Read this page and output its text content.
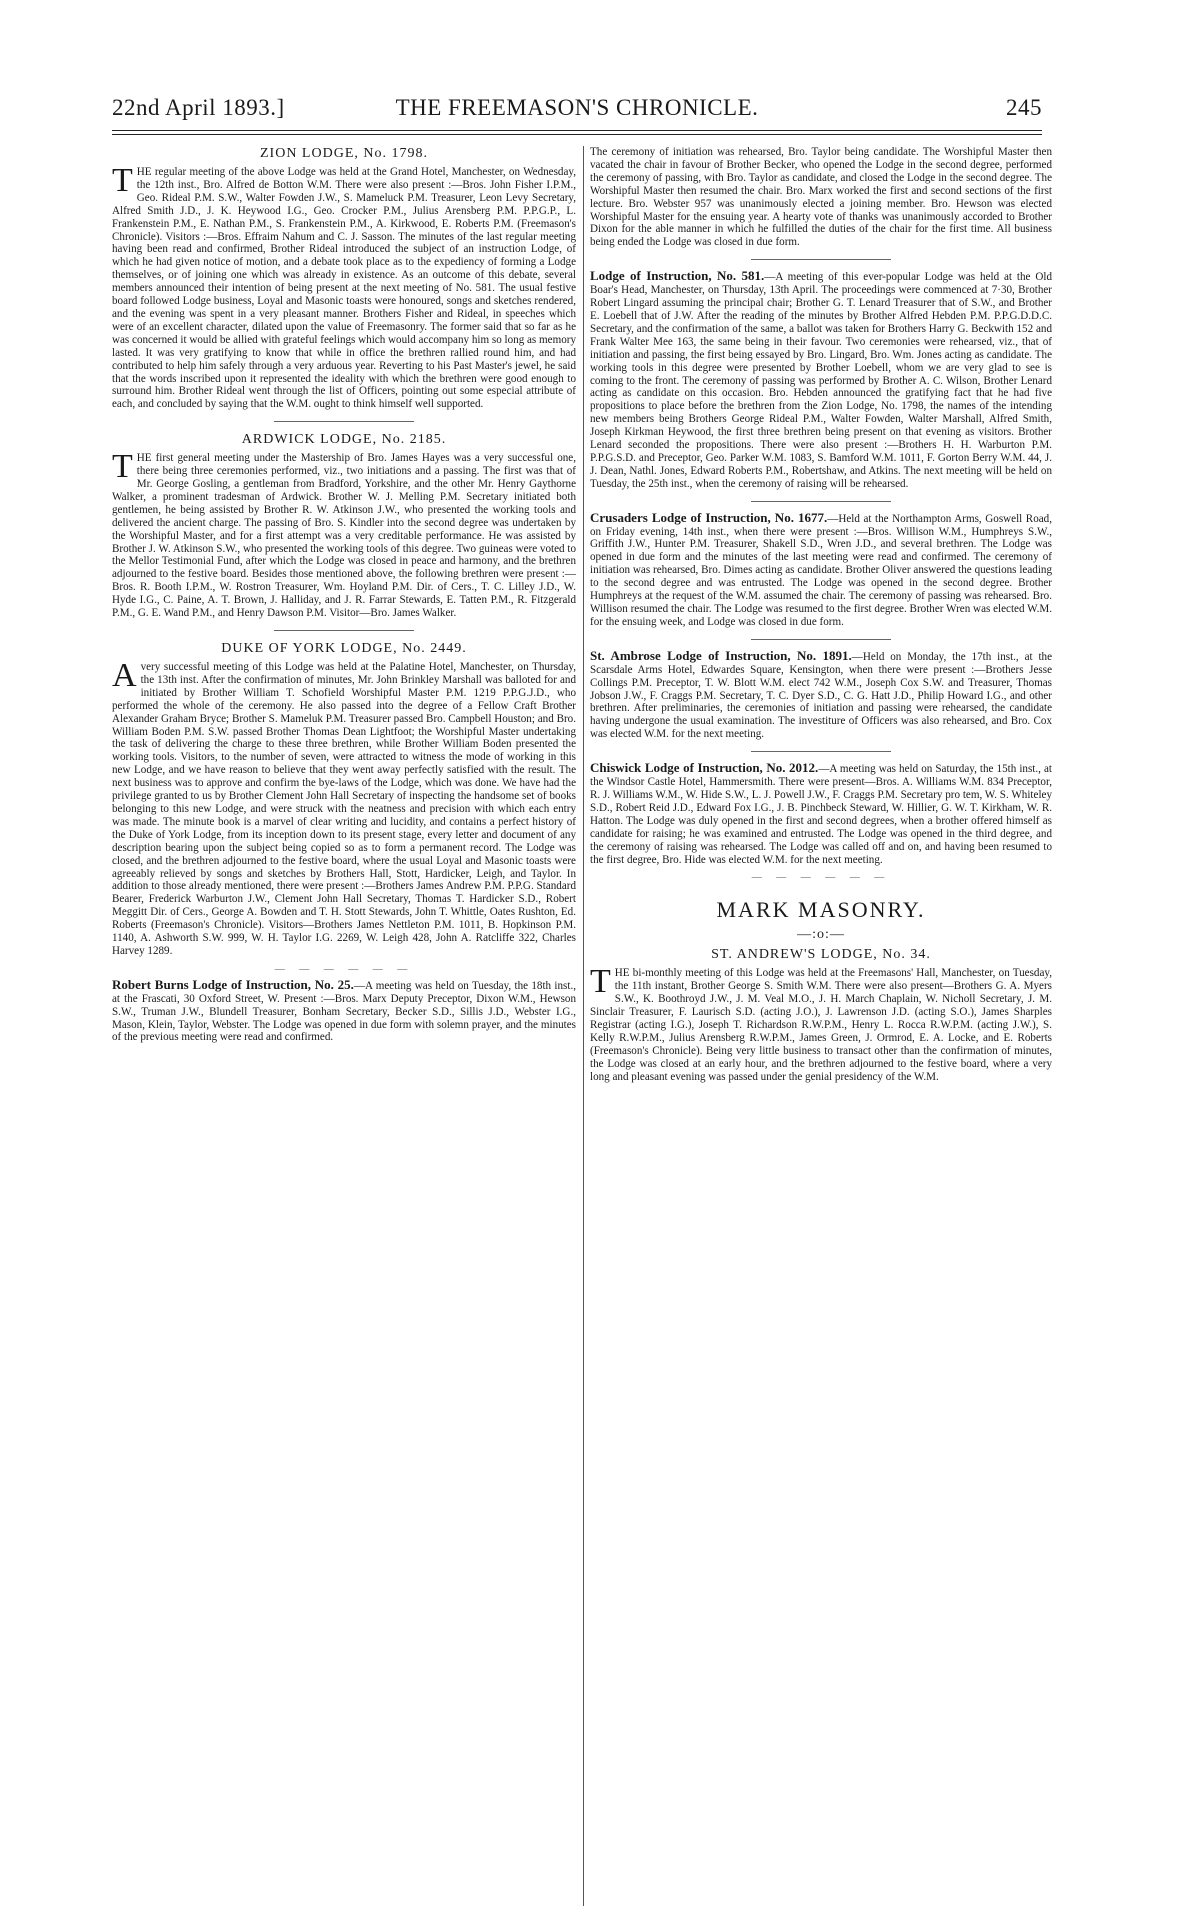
22nd April 1893.]	THE FREEMASON'S CHRONICLE.	245
ZION LODGE, No. 1798.

THE regular meeting of the above Lodge was held at the Grand Hotel, Manchester, on Wednesday, the 12th inst., Bro. Alfred de Botton W.M. There were also present :—Bros. John Fisher I.P.M., Geo. Rideal P.M. S.W., Walter Fowden J.W., S. Mameluck P.M. Treasurer, Leon Levy Secretary, Alfred Smith J.D., J. K. Heywood I.G., Geo. Crocker P.M., Julius Arensberg P.M. P.P.G.P., L. Frankenstein P.M., E. Nathan P.M., S. Frankenstein P.M., A. Kirkwood, E. Roberts P.M. (Freemason's Chronicle). Visitors :—Bros. Effraim Nahum and C. J. Sasson. The minutes of the last regular meeting having been read and confirmed, Brother Rideal introduced the subject of an instruction Lodge, of which he had given notice of motion, and a debate took place as to the expediency of forming a Lodge themselves, or of joining one which was already in existence. As an outcome of this debate, several members announced their intention of being present at the next meeting of No. 581. The usual festive board followed Lodge business, Loyal and Masonic toasts were honoured, songs and sketches rendered, and the evening was spent in a very pleasant manner. Brothers Fisher and Rideal, in speeches which were of an excellent character, dilated upon the value of Freemasonry. The former said that so far as he was concerned it would be allied with grateful feelings which would accompany him so long as memory lasted. It was very gratifying to know that while in office the brethren rallied round him, and had contributed to help him safely through a very arduous year. Reverting to his Past Master's jewel, he said that the words inscribed upon it represented the ideality with which the brethren were good enough to surround him. Brother Rideal went through the list of Officers, pointing out some especial attribute of each, and concluded by saying that the W.M. ought to think himself well supported.

ARDWICK LODGE, No. 2185.

THE first general meeting under the Mastership of Bro. James Hayes was a very successful one, there being three ceremonies performed, viz., two initiations and a passing. The first was that of Mr. George Gosling, a gentleman from Bradford, Yorkshire, and the other Mr. Henry Gaythorne Walker, a prominent tradesman of Ardwick. Brother W. J. Melling P.M. Secretary initiated both gentlemen, he being assisted by Brother R. W. Atkinson J.W., who presented the working tools and delivered the ancient charge. The passing of Bro. S. Kindler into the second degree was undertaken by the Worshipful Master, and for a first attempt was a very creditable performance. He was assisted by Brother J. W. Atkinson S.W., who presented the working tools of this degree. Two guineas were voted to the Mellor Testimonial Fund, after which the Lodge was closed in peace and harmony, and the brethren adjourned to the festive board. Besides those mentioned above, the following brethren were present :—Bros. R. Booth I.P.M., W. Rostron Treasurer, Wm. Hoyland P.M. Dir. of Cers., T. C. Lilley J.D., W. Hyde I.G., C. Paine, A. T. Brown, J. Halliday, and J. R. Farrar Stewards, E. Tatten P.M., R. Fitzgerald P.M., G. E. Wand P.M., and Henry Dawson P.M. Visitor—Bro. James Walker.

DUKE OF YORK LODGE, No. 2449.

Avery successful meeting of this Lodge was held at the Palatine Hotel, Manchester, on Thursday, the 13th inst. After the confirmation of minutes, Mr. John Brinkley Marshall was balloted for and initiated by Brother William T. Schofield Worshipful Master P.M. 1219 P.P.G.J.D., who performed the whole of the ceremony. He also passed into the degree of a Fellow Craft Brother Alexander Graham Bryce; Brother S. Mameluk P.M. Treasurer passed Bro. Campbell Houston; and Bro. William Boden P.M. S.W. passed Brother Thomas Dean Lightfoot; the Worshipful Master undertaking the task of delivering the charge to these three brethren, while Brother William Boden presented the working tools. Visitors, to the number of seven, were attracted to witness the mode of working in this new Lodge, and we have reason to believe that they went away perfectly satisfied with the result. The next business was to approve and confirm the bye-laws of the Lodge, which was done. We have had the privilege granted to us by Brother Clement John Hall Secretary of inspecting the handsome set of books belonging to this new Lodge, and were struck with the neatness and precision with which each entry was made. The minute book is a marvel of clear writing and lucidity, and contains a perfect history of the Duke of York Lodge, from its inception down to its present stage, every letter and document of any description bearing upon the subject being copied so as to form a permanent record. The Lodge was closed, and the brethren adjourned to the festive board, where the usual Loyal and Masonic toasts were agreeably relieved by songs and sketches by Brothers Hall, Stott, Hardicker, Leigh, and Taylor. In addition to those already mentioned, there were present :—Brothers James Andrew P.M. P.P.G. Standard Bearer, Frederick Warburton J.W., Clement John Hall Secretary, Thomas T. Hardicker S.D., Robert Meggitt Dir. of Cers., George A. Bowden and T. H. Stott Stewards, John T. Whittle, Oates Rushton, Ed. Roberts (Freemason's Chronicle). Visitors—Brothers James Nettleton P.M. 1011, B. Hopkinson P.M. 1140, A. Ashworth S.W. 999, W. H. Taylor I.G. 2269, W. Leigh 428, John A. Ratcliffe 322, Charles Harvey 1289.

— — — — — —

Robert Burns Lodge of Instruction, No. 25.—A meeting was held on Tuesday, the 18th inst., at the Frascati, 30 Oxford Street, W. Present :—Bros. Marx Deputy Preceptor, Dixon W.M., Hewson S.W., Truman J.W., Blundell Treasurer, Bonham Secretary, Becker S.D., Sillis J.D., Webster I.G., Mason, Klein, Taylor, Webster. The Lodge was opened in due form with solemn prayer, and the minutes of the previous meeting were read and confirmed.

The ceremony of initiation was rehearsed, Bro. Taylor being candidate. The Worshipful Master then vacated the chair in favour of Brother Becker, who opened the Lodge in the second degree, performed the ceremony of passing, with Bro. Taylor as candidate, and closed the Lodge in the second degree. The Worshipful Master then resumed the chair. Bro. Marx worked the first and second sections of the first lecture. Bro. Webster 957 was unanimously elected a joining member. Bro. Hewson was elected Worshipful Master for the ensuing year. A hearty vote of thanks was unanimously accorded to Brother Dixon for the able manner in which he fulfilled the duties of the chair for the first time. All business being ended the Lodge was closed in due form.

Lodge of Instruction, No. 581.—A meeting of this ever-popular Lodge was held at the Old Boar's Head, Manchester, on Thursday, 13th April. The proceedings were commenced at 7·30, Brother Robert Lingard assuming the principal chair; Brother G. T. Lenard Treasurer that of S.W., and Brother E. Loebell that of J.W. After the reading of the minutes by Brother Alfred Hebden P.M. P.P.G.D.D.C. Secretary, and the confirmation of the same, a ballot was taken for Brothers Harry G. Beckwith 152 and Frank Walter Mee 163, the same being in their favour. Two ceremonies were rehearsed, viz., that of initiation and passing, the first being essayed by Bro. Lingard, Bro. Wm. Jones acting as candidate. The working tools in this degree were presented by Brother Loebell, whom we are very glad to see is coming to the front. The ceremony of passing was performed by Brother A. C. Wilson, Brother Lenard acting as candidate on this occasion. Bro. Hebden announced the gratifying fact that he had five propositions to place before the brethren from the Zion Lodge, No. 1798, the names of the intending new members being Brothers George Rideal P.M., Walter Fowden, Walter Marshall, Alfred Smith, Joseph Kirkman Heywood, the first three brethren being present on that evening as visitors. Brother Lenard seconded the propositions. There were also present :—Brothers H. H. Warburton P.M. P.P.G.S.D. and Preceptor, Geo. Parker W.M. 1083, S. Bamford W.M. 1011, F. Gorton Berry W.M. 44, J. J. Dean, Nathl. Jones, Edward Roberts P.M., Robertshaw, and Atkins. The next meeting will be held on Tuesday, the 25th inst., when the ceremony of raising will be rehearsed.

Crusaders Lodge of Instruction, No. 1677.—Held at the Northampton Arms, Goswell Road, on Friday evening, 14th inst., when there were present :—Bros. Willison W.M., Humphreys S.W., Griffith J.W., Hunter P.M. Treasurer, Shakell S.D., Wren J.D., and several brethren. The Lodge was opened in due form and the minutes of the last meeting were read and confirmed. The ceremony of initiation was rehearsed, Bro. Dimes acting as candidate. Brother Oliver answered the questions leading to the second degree and was entrusted. The Lodge was opened in the second degree. Brother Humphreys at the request of the W.M. assumed the chair. The ceremony of passing was rehearsed. Bro. Willison resumed the chair. The Lodge was resumed to the first degree. Brother Wren was elected W.M. for the ensuing week, and Lodge was closed in due form.

St. Ambrose Lodge of Instruction, No. 1891.—Held on Monday, the 17th inst., at the Scarsdale Arms Hotel, Edwardes Square, Kensington, when there were present :—Brothers Jesse Collings P.M. Preceptor, T. W. Blott W.M. elect 742 W.M., Joseph Cox S.W. and Treasurer, Thomas Jobson J.W., F. Craggs P.M. Secretary, T. C. Dyer S.D., C. G. Hatt J.D., Philip Howard I.G., and other brethren. After preliminaries, the ceremonies of initiation and passing were rehearsed, the candidate having undergone the usual examination. The investiture of Officers was also rehearsed, and Bro. Cox was elected W.M. for the next meeting.

Chiswick Lodge of Instruction, No. 2012.—A meeting was held on Saturday, the 15th inst., at the Windsor Castle Hotel, Hammersmith. There were present—Bros. A. Williams W.M. 834 Preceptor, R. J. Williams W.M., W. Hide S.W., L. J. Powell J.W., F. Craggs P.M. Secretary pro tem, W. S. Whiteley S.D., Robert Reid J.D., Edward Fox I.G., J. B. Pinchbeck Steward, W. Hillier, G. W. T. Kirkham, W. R. Hatton. The Lodge was duly opened in the first and second degrees, when a brother offered himself as candidate for raising; he was examined and entrusted. The Lodge was opened in the third degree, and the ceremony of raising was rehearsed. The Lodge was called off and on, and having been resumed to the first degree, Bro. Hide was elected W.M. for the next meeting.

— — — — — —
MARK MASONRY.
—:o:—
ST. ANDREW'S LODGE, No. 34.

THE bi-monthly meeting of this Lodge was held at the Freemasons' Hall, Manchester, on Tuesday, the 11th instant, Brother George S. Smith W.M. There were also present—Brothers G. A. Myers S.W., K. Boothroyd J.W., J. M. Veal M.O., J. H. March Chaplain, W. Nicholl Secretary, J. M. Sinclair Treasurer, F. Laurisch S.D. (acting J.O.), J. Lawrenson J.D. (acting S.O.), James Sharples Registrar (acting I.G.), Joseph T. Richardson R.W.P.M., Henry L. Rocca R.W.P.M. (acting J.W.), S. Kelly R.W.P.M., Julius Arensberg R.W.P.M., James Green, J. Ormrod, E. A. Locke, and E. Roberts (Freemason's Chronicle). Being very little business to transact other than the confirmation of minutes, the Lodge was closed at an early hour, and the brethren adjourned to the festive board, where a very long and pleasant evening was passed under the genial presidency of the W.M.
